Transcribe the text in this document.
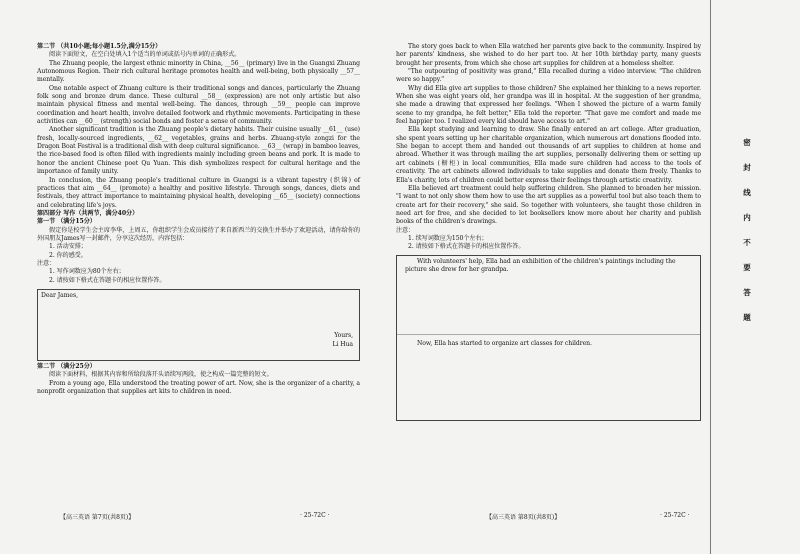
第二节 （共10小题;每小题1.5分,满分15分）

阅读下面短文，在空白处填入1个适当的单词或括号内单词的正确形式。

The Zhuang people, the largest ethnic minority in China, __56__ (primary) live in the Guangxi Zhuang Autonomous Region. Their rich cultural heritage promotes health and well-being, both physically __57__ mentally.

One notable aspect of Zhuang culture is their traditional songs and dances, particularly the Zhuang folk song and bronze drum dance. These cultural __58__ (expression) are not only artistic but also maintain physical fitness and mental well-being. The dances, through __59__ people can improve coordination and heart health, involve detailed footwork and rhythmic movements. Participating in these activities can __60__ (strength) social bonds and foster a sense of community.

Another significant tradition is the Zhuang people's dietary habits. Their cuisine usually __61__ (use) fresh, locally-sourced ingredients, __62__ vegetables, grains and herbs. Zhuang-style zongzi for the Dragon Boat Festival is a traditional dish with deep cultural significance. __63__ (wrap) in bamboo leaves, the rice-based food is often filled with ingredients mainly including green beans and pork. It is made to honor the ancient Chinese poet Qu Yuan. This dish symbolizes respect for cultural heritage and the importance of family unity.

In conclusion, the Zhuang people's traditional culture in Guangxi is a vibrant tapestry (织锦) of practices that aim __64__ (promote) a healthy and positive lifestyle. Through songs, dances, diets and festivals, they attract importance to maintaining physical health, developing __65__ (society) connections and celebrating life's joys.

第四部分 写作（共两节，满分40分）

第一节 （满分15分）

假定你是校学生会主席李华，上周五，你组织学生会成员接待了来自新西兰的交换生并举办了欢迎活动，请你给你的外国朋友James写一封邮件，分享这次经历，内容包括：

1. 活动安排；

2. 你的感受。

注意：

1. 写作词数应为80个左右；

2. 请按如下格式在答题卡的相应位置作答。

Dear James,
Yours,
Li Hua

第二节 （满分25分）

阅读下面材料，根据其内容和所给段落开头语续写两段，使之构成一篇完整的短文。

From a young age, Ella understood the treating power of art. Now, she is the organizer of a charity, a nonprofit organization that supplies art kits to children in need.

The story goes back to when Ella watched her parents give back to the community. Inspired by her parents' kindness, she wished to do her part too. At her 10th birthday party, many guests brought her presents, from which she chose art supplies for children at a homeless shelter.

"The outpouring of positivity was grand," Ella recalled during a video interview. "The children were so happy."

Why did Ella give art supplies to those children? She explained her thinking to a news reporter. When she was eight years old, her grandpa was ill in hospital. At the suggestion of her grandma, she made a drawing that expressed her feelings. "When I showed the picture of a warm family scene to my grandpa, he felt better," Ella told the reporter. "That gave me comfort and made me feel happier too. I realized every kid should have access to art."

Ella kept studying and learning to draw. She finally entered an art college. After graduation, she spent years setting up her charitable organization, which numerous art donations flooded into. She began to accept them and handed out thousands of art supplies to children at home and abroad. Whether it was through mailing the art supplies, personally delivering them or setting up art cabinets (橱柜) in local communities, Ella made sure children had access to the tools of creativity. The art cabinets allowed individuals to take supplies and donate them freely. Thanks to Ella's charity, lots of children could better express their feelings through artistic creativity.

Ella believed art treatment could help suffering children. She planned to broaden her mission. "I want to not only show them how to use the art supplies as a powerful tool but also teach them to create art for their recovery," she said. So together with volunteers, she taught those children in need art for free, and she decided to let booksellers know more about her charity and publish books of the children's drawings.

注意：

1. 续写词数应为150个左右；

2. 请按如下格式在答题卡的相应位置作答。

With volunteers' help, Ella had an exhibition of the children's paintings including the picture she drew for her grandpa.
Now, Ella has started to organize art classes for children.
【高三英语 第7页(共8页)】	· 25-72C ·	【高三英语 第8页(共8页)】	· 25-72C ·
密
封
线
内
不
要
答
题
